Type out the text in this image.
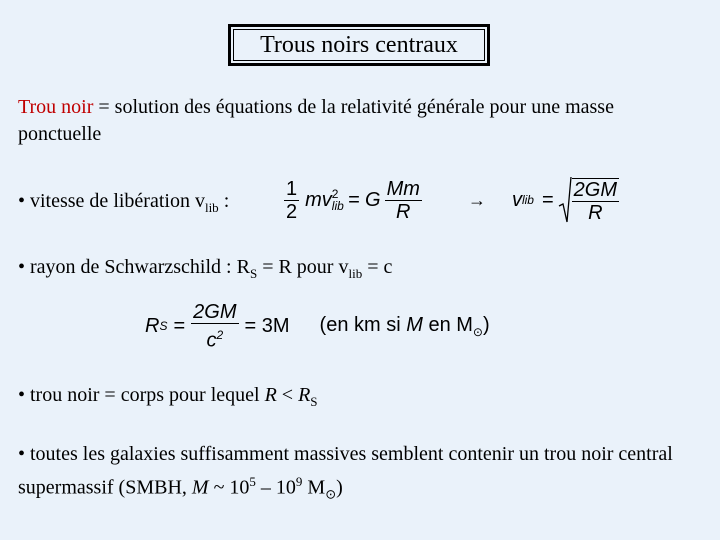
Trous noirs centraux
Trou noir = solution des équations de la relativité générale pour une masse ponctuelle
• vitesse de libération $v_{lib}$ :	$\frac{1}{2}$ mv 2
lib = G $\frac{Mm}{R}$	→ v lib = $\frac{2GM}{R}$
• rayon de Schwarzschild : $R_S = R$ pour $v_{lib} = c$
R $S = \frac{2GM}{c^2} = 3M$ (en km si M en $M_⊙$)
• trou noir = corps pour lequel $R < R_S$
• toutes les galaxies suffisamment massives semblent contenir un trou noir central supermassif (SMBH, M ~ $10^5 - 10^9$ $M_⊙$)
